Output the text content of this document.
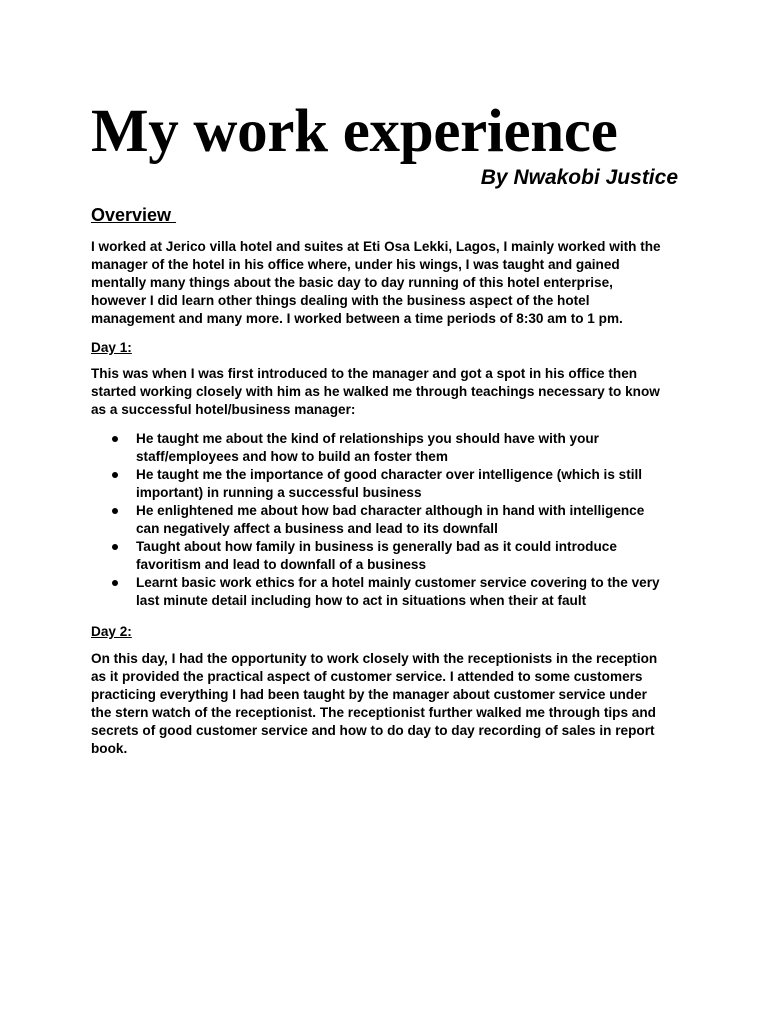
My work experience
By Nwakobi Justice
Overview

I worked at Jerico villa hotel and suites at Eti Osa Lekki, Lagos, I mainly worked with the
manager of the hotel in his office where, under his wings, I was taught and gained
mentally many things about the basic day to day running of this hotel enterprise,
however I did learn other things dealing with the business aspect of the hotel
management and many more. I worked between a time periods of 8:30 am to 1 pm.

Day 1:

This was when I was first introduced to the manager and got a spot in his office then
started working closely with him as he walked me through teachings necessary to know
as a successful hotel/business manager:

He taught me about the kind of relationships you should have with your
staff/employees and how to build an foster them
He taught me the importance of good character over intelligence (which is still
important) in running a successful business
He enlightened me about how bad character although in hand with intelligence
can negatively affect a business and lead to its downfall
Taught about how family in business is generally bad as it could introduce
favoritism and lead to downfall of a business
Learnt basic work ethics for a hotel mainly customer service covering to the very
last minute detail including how to act in situations when their at fault
Day 2:

On this day, I had the opportunity to work closely with the receptionists in the reception
as it provided the practical aspect of customer service. I attended to some customers
practicing everything I had been taught by the manager about customer service under
the stern watch of the receptionist. The receptionist further walked me through tips and
secrets of good customer service and how to do day to day recording of sales in report
book.
